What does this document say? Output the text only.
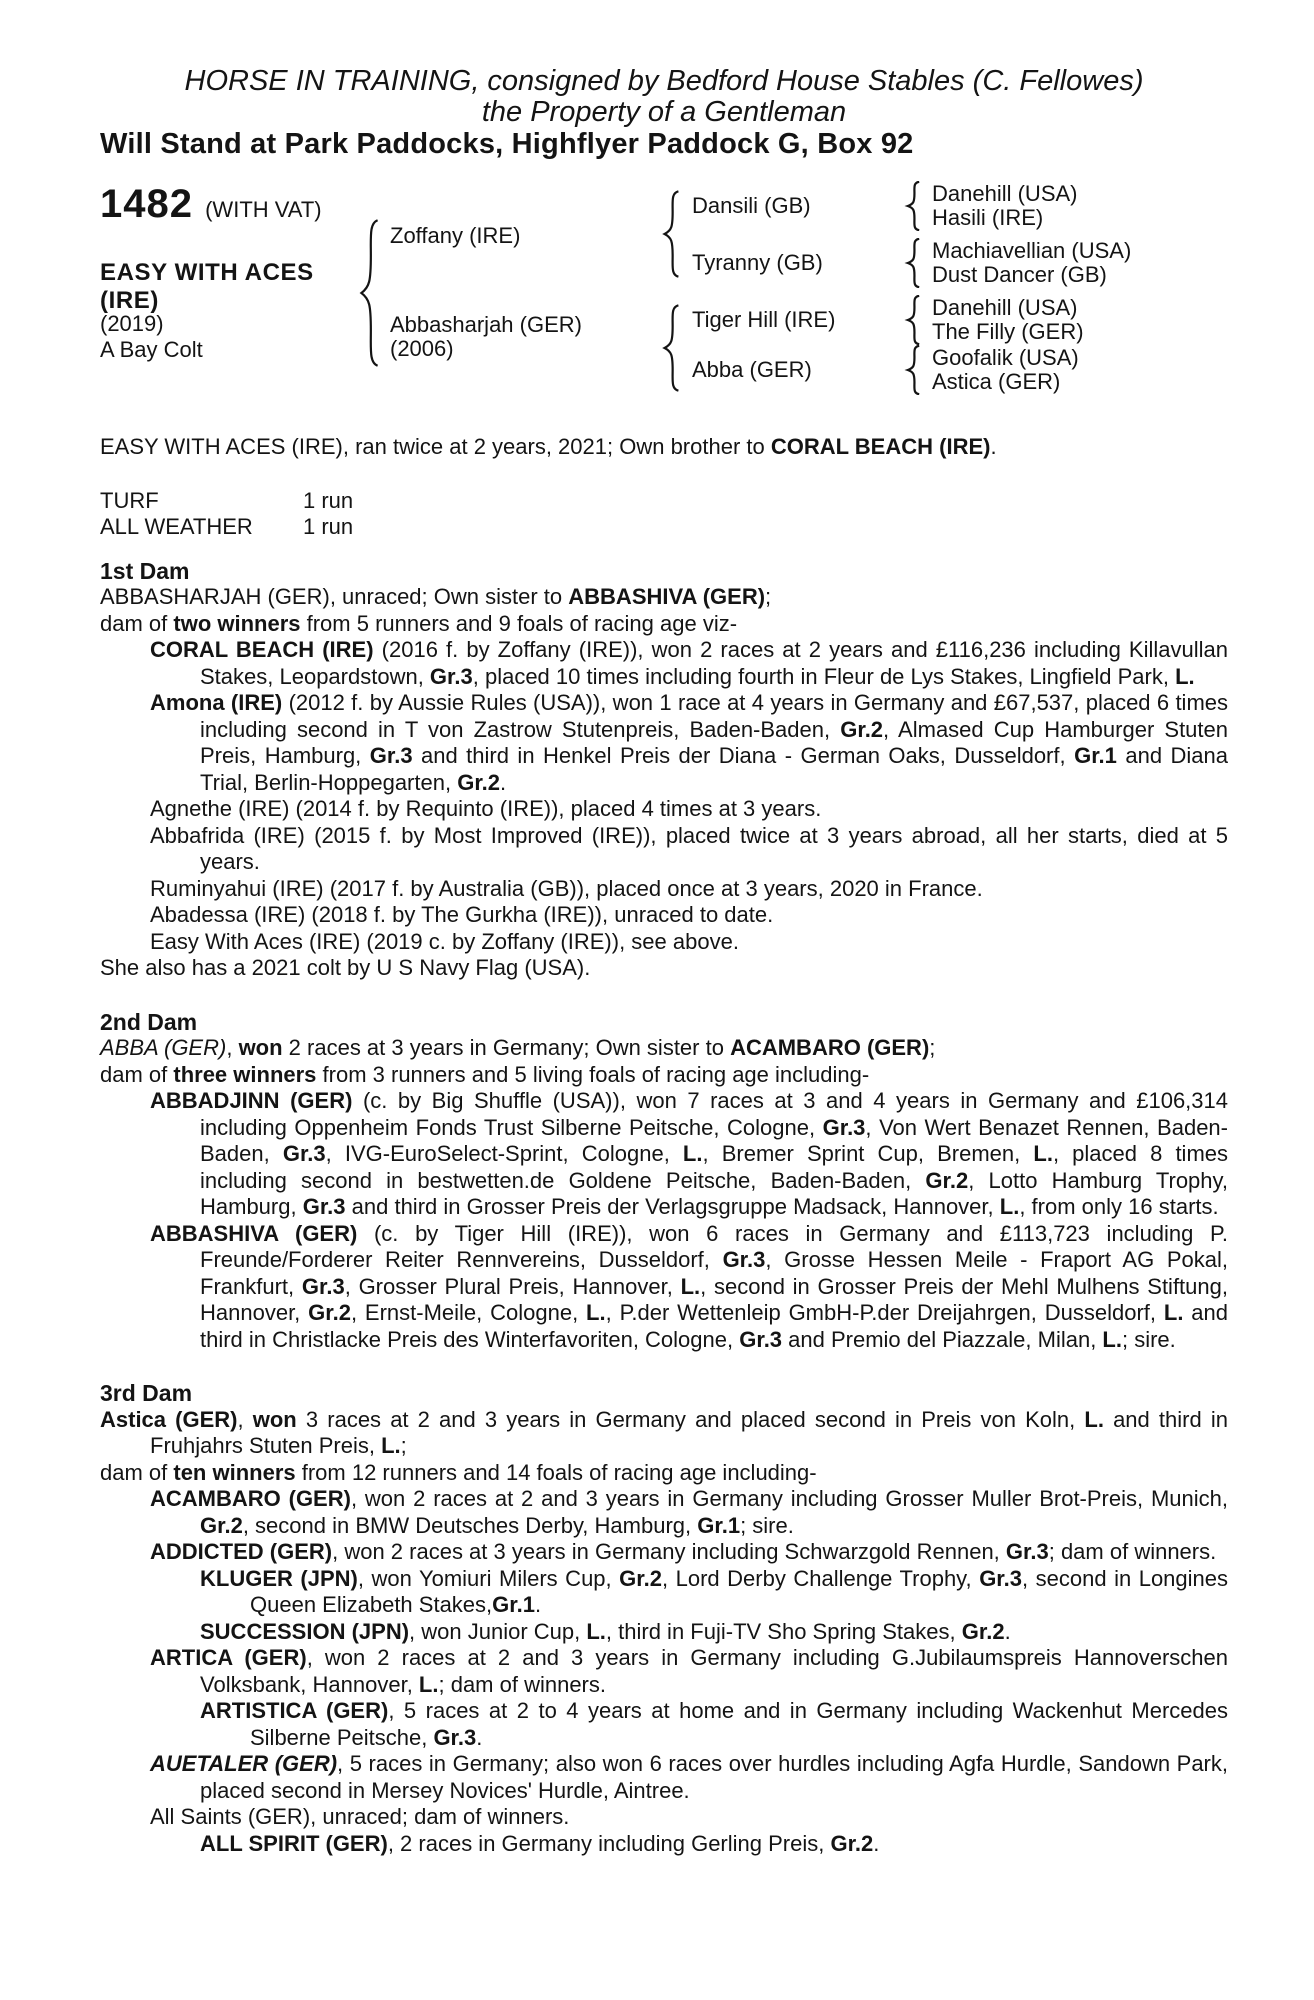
HORSE IN TRAINING, consigned by Bedford House Stables (C. Fellowes)
the Property of a Gentleman
Will Stand at Park Paddocks, Highflyer Paddock G, Box 92
1482 (WITH VAT)
EASY WITH ACES (IRE)
(2019)
A Bay Colt
Zoffany (IRE)
Abbasharjah (GER)
(2006)
Dansili (GB)
Tyranny (GB)
Tiger Hill (IRE)
Abba (GER)
Danehill (USA)
Hasili (IRE)
Machiavellian (USA)
Dust Dancer (GB)
Danehill (USA)
The Filly (GER)
Goofalik (USA)
Astica (GER)

EASY WITH ACES (IRE), ran twice at 2 years, 2021; Own brother to CORAL BEACH (IRE).

TURF	1 run
ALL WEATHER	1 run
1st Dam

ABBASHARJAH (GER), unraced; Own sister to ABBASHIVA (GER);

dam of two winners from 5 runners and 9 foals of racing age viz-

CORAL BEACH (IRE) (2016 f. by Zoffany (IRE)), won 2 races at 2 years and £116,236 including Killavullan Stakes, Leopardstown, Gr.3, placed 10 times including fourth in Fleur de Lys Stakes, Lingfield Park, L.

Amona (IRE) (2012 f. by Aussie Rules (USA)), won 1 race at 4 years in Germany and £67,537, placed 6 times including second in T von Zastrow Stutenpreis, Baden-Baden, Gr.2, Almased Cup Hamburger Stuten Preis, Hamburg, Gr.3 and third in Henkel Preis der Diana - German Oaks, Dusseldorf, Gr.1 and Diana Trial, Berlin-Hoppegarten, Gr.2.

Agnethe (IRE) (2014 f. by Requinto (IRE)), placed 4 times at 3 years.

Abbafrida (IRE) (2015 f. by Most Improved (IRE)), placed twice at 3 years abroad, all her starts, died at 5 years.

Ruminyahui (IRE) (2017 f. by Australia (GB)), placed once at 3 years, 2020 in France.

Abadessa (IRE) (2018 f. by The Gurkha (IRE)), unraced to date.

Easy With Aces (IRE) (2019 c. by Zoffany (IRE)), see above.

She also has a 2021 colt by U S Navy Flag (USA).

2nd Dam

ABBA (GER), won 2 races at 3 years in Germany; Own sister to ACAMBARO (GER);

dam of three winners from 3 runners and 5 living foals of racing age including-

ABBADJINN (GER) (c. by Big Shuffle (USA)), won 7 races at 3 and 4 years in Germany and £106,314 including Oppenheim Fonds Trust Silberne Peitsche, Cologne, Gr.3, Von Wert Benazet Rennen, Baden-Baden, Gr.3, IVG-EuroSelect-Sprint, Cologne, L., Bremer Sprint Cup, Bremen, L., placed 8 times including second in bestwetten.de Goldene Peitsche, Baden-Baden, Gr.2, Lotto Hamburg Trophy, Hamburg, Gr.3 and third in Grosser Preis der Verlagsgruppe Madsack, Hannover, L., from only 16 starts.

ABBASHIVA (GER) (c. by Tiger Hill (IRE)), won 6 races in Germany and £113,723 including P. Freunde/Forderer Reiter Rennvereins, Dusseldorf, Gr.3, Grosse Hessen Meile - Fraport AG Pokal, Frankfurt, Gr.3, Grosser Plural Preis, Hannover, L., second in Grosser Preis der Mehl Mulhens Stiftung, Hannover, Gr.2, Ernst-Meile, Cologne, L., P.der Wettenleip GmbH-P.der Dreijahrgen, Dusseldorf, L. and third in Christlacke Preis des Winterfavoriten, Cologne, Gr.3 and Premio del Piazzale, Milan, L.; sire.

3rd Dam

Astica (GER), won 3 races at 2 and 3 years in Germany and placed second in Preis von Koln, L. and third in Fruhjahrs Stuten Preis, L.;

dam of ten winners from 12 runners and 14 foals of racing age including-

ACAMBARO (GER), won 2 races at 2 and 3 years in Germany including Grosser Muller Brot-Preis, Munich, Gr.2, second in BMW Deutsches Derby, Hamburg, Gr.1; sire.

ADDICTED (GER), won 2 races at 3 years in Germany including Schwarzgold Rennen, Gr.3; dam of winners.

KLUGER (JPN), won Yomiuri Milers Cup, Gr.2, Lord Derby Challenge Trophy, Gr.3, second in Longines Queen Elizabeth Stakes,Gr.1.

SUCCESSION (JPN), won Junior Cup, L., third in Fuji-TV Sho Spring Stakes, Gr.2.

ARTICA (GER), won 2 races at 2 and 3 years in Germany including G.Jubilaumspreis Hannoverschen Volksbank, Hannover, L.; dam of winners.

ARTISTICA (GER), 5 races at 2 to 4 years at home and in Germany including Wackenhut Mercedes Silberne Peitsche, Gr.3.

AUETALER (GER), 5 races in Germany; also won 6 races over hurdles including Agfa Hurdle, Sandown Park, placed second in Mersey Novices' Hurdle, Aintree.

All Saints (GER), unraced; dam of winners.

ALL SPIRIT (GER), 2 races in Germany including Gerling Preis, Gr.2.
